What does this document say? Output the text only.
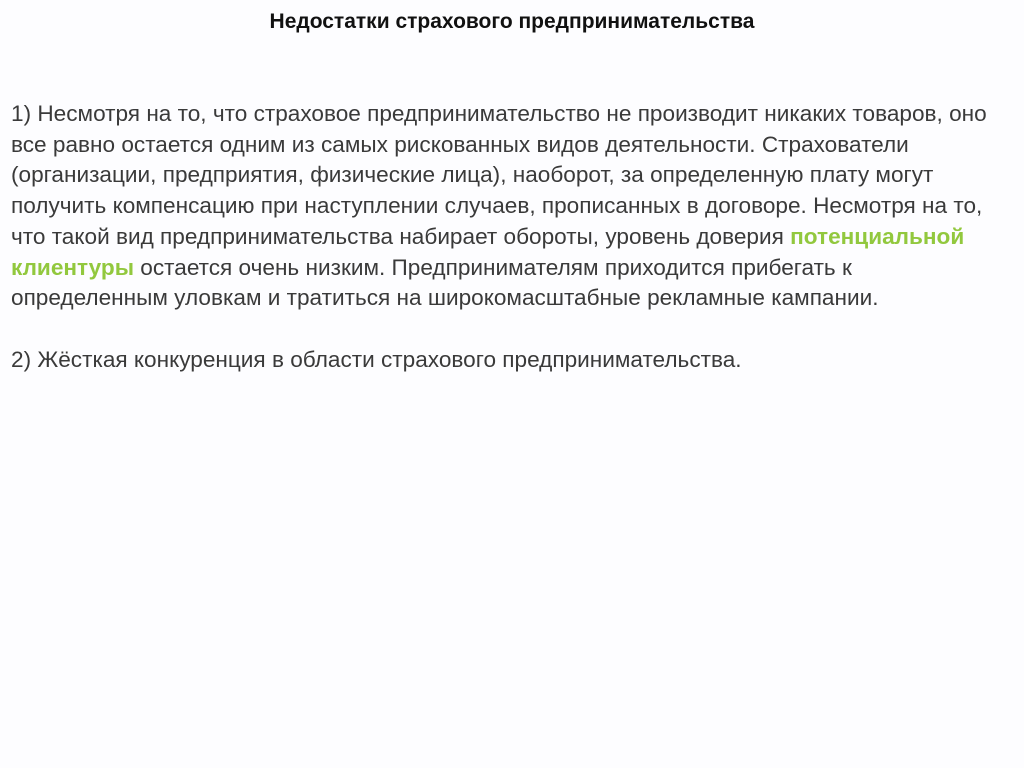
Недостатки страхового предпринимательства

1) Несмотря на то, что страховое предпринимательство не производит никаких товаров, оно все равно остается одним из самых рискованных видов деятельности. Страхователи (организации, предприятия, физические лица), наоборот, за определенную плату могут получить компенсацию при наступлении случаев, прописанных в договоре. Несмотря на то, что такой вид предпринимательства набирает обороты, уровень доверия потенциальной клиентуры остается очень низким. Предпринимателям приходится прибегать к определенным уловкам и тратиться на широкомасштабные рекламные кампании.

2) Жёсткая конкуренция в области страхового предпринимательства.
